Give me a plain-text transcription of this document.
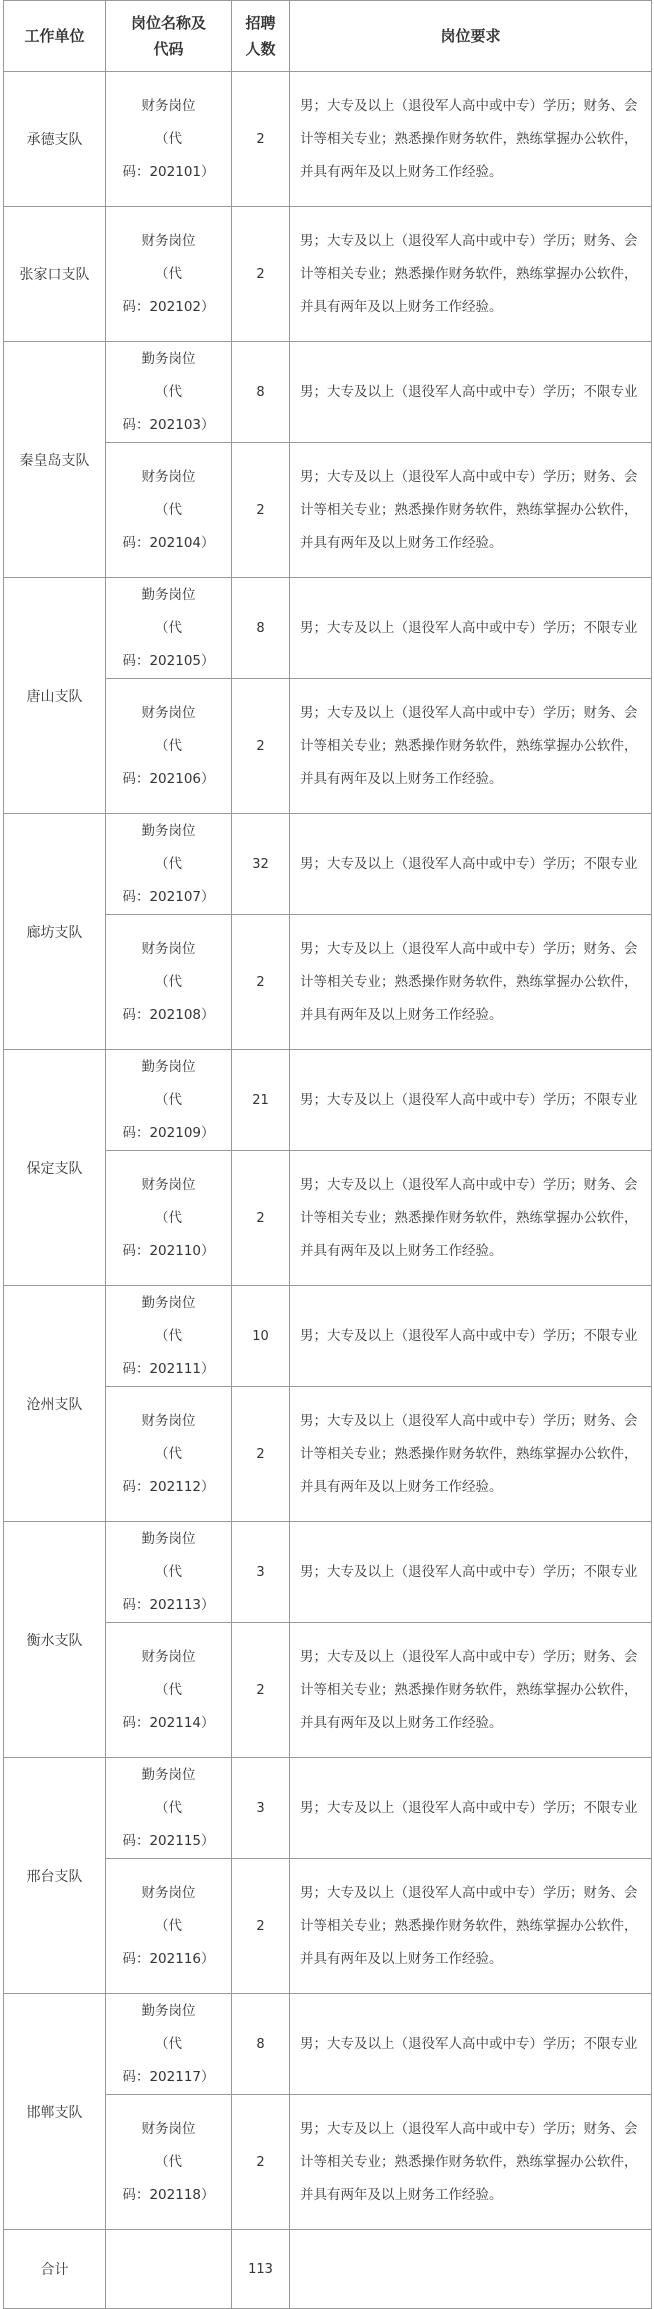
工作单位	岗位名称及代码	招聘人数	岗位要求
承德支队	财务岗位
（代
码：202101）	2	男；大专及以上（退役军人高中或中专）学历；财务、会计等相关专业；熟悉操作财务软件，熟练掌握办公软件，并具有两年及以上财务工作经验。
张家口支队	财务岗位
（代
码：202102）	2	男；大专及以上（退役军人高中或中专）学历；财务、会计等相关专业；熟悉操作财务软件，熟练掌握办公软件，并具有两年及以上财务工作经验。
秦皇岛支队	勤务岗位
（代
码：202103）	8	男；大专及以上（退役军人高中或中专）学历；不限专业

	财务岗位
（代
码：202104）	2	男；大专及以上（退役军人高中或中专）学历；财务、会计等相关专业；熟悉操作财务软件，熟练掌握办公软件，并具有两年及以上财务工作经验。
唐山支队	勤务岗位
（代
码：202105）	8	男；大专及以上（退役军人高中或中专）学历；不限专业

	财务岗位
（代
码：202106）	2	男；大专及以上（退役军人高中或中专）学历；财务、会计等相关专业；熟悉操作财务软件，熟练掌握办公软件，并具有两年及以上财务工作经验。
廊坊支队	勤务岗位
（代
码：202107）	32	男；大专及以上（退役军人高中或中专）学历；不限专业

	财务岗位
（代
码：202108）	2	男；大专及以上（退役军人高中或中专）学历；财务、会计等相关专业；熟悉操作财务软件，熟练掌握办公软件，并具有两年及以上财务工作经验。
保定支队	勤务岗位
（代
码：202109）	21	男；大专及以上（退役军人高中或中专）学历；不限专业

	财务岗位
（代
码：202110）	2	男；大专及以上（退役军人高中或中专）学历；财务、会计等相关专业；熟悉操作财务软件，熟练掌握办公软件，并具有两年及以上财务工作经验。
沧州支队	勤务岗位
（代
码：202111）	10	男；大专及以上（退役军人高中或中专）学历；不限专业

	财务岗位
（代
码：202112）	2	男；大专及以上（退役军人高中或中专）学历；财务、会计等相关专业；熟悉操作财务软件，熟练掌握办公软件，并具有两年及以上财务工作经验。
衡水支队	勤务岗位
（代
码：202113）	3	男；大专及以上（退役军人高中或中专）学历；不限专业

	财务岗位
（代
码：202114）	2	男；大专及以上（退役军人高中或中专）学历；财务、会计等相关专业；熟悉操作财务软件，熟练掌握办公软件，并具有两年及以上财务工作经验。
邢台支队	勤务岗位
（代
码：202115）	3	男；大专及以上（退役军人高中或中专）学历；不限专业

	财务岗位
（代
码：202116）	2	男；大专及以上（退役军人高中或中专）学历；财务、会计等相关专业；熟悉操作财务软件，熟练掌握办公软件，并具有两年及以上财务工作经验。
邯郸支队	勤务岗位
（代
码：202117）	8	男；大专及以上（退役军人高中或中专）学历；不限专业

	财务岗位
（代
码：202118）	2	男；大专及以上（退役军人高中或中专）学历；财务、会计等相关专业；熟悉操作财务软件，熟练掌握办公软件，并具有两年及以上财务工作经验。
合计		113	
